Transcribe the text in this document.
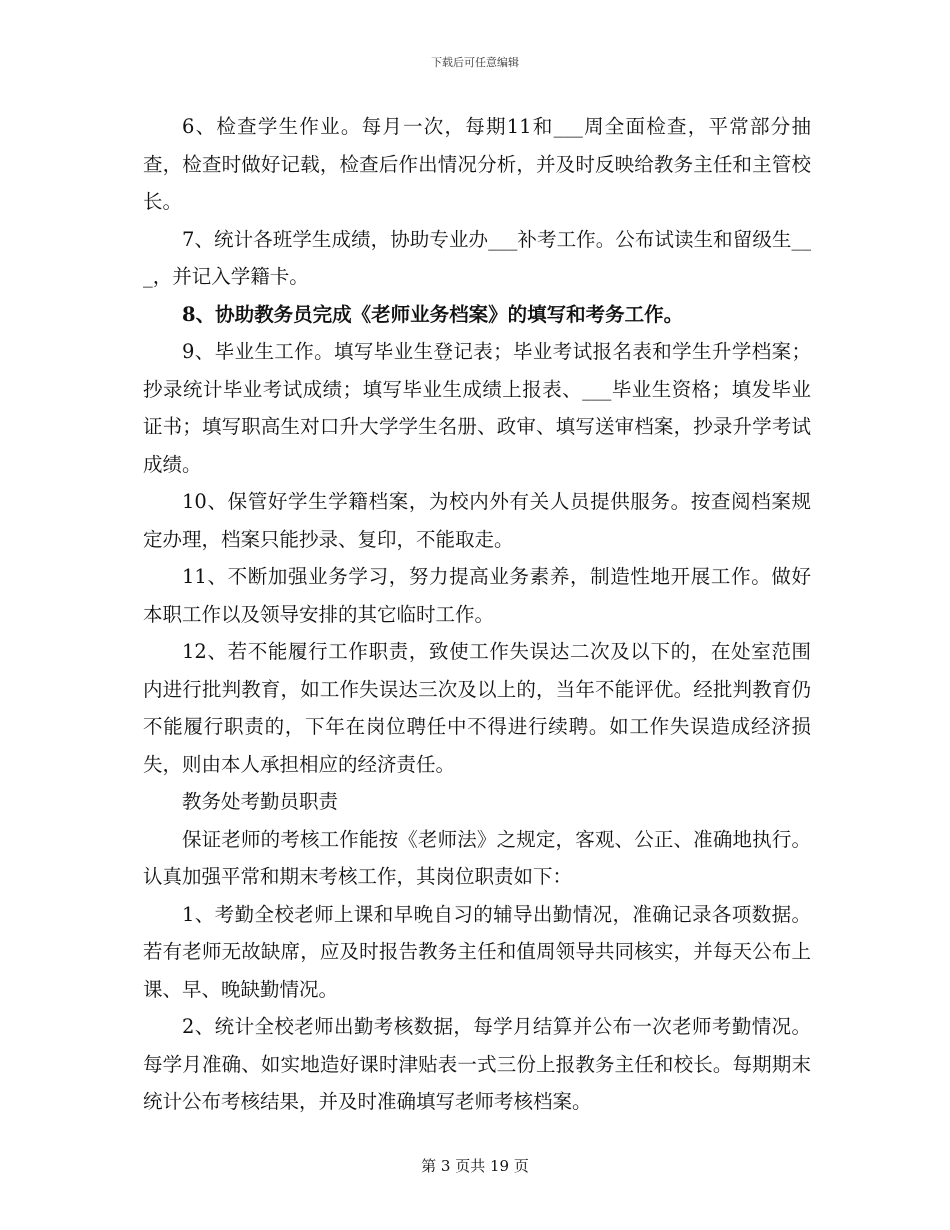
下载后可任意编辑

6、检查学生作业。每月一次，每期11和___周全面检查，平常部分抽查，检查时做好记载，检查后作出情况分析，并及时反映给教务主任和主管校长。

7、统计各班学生成绩，协助专业办___补考工作。公布试读生和留级生___，并记入学籍卡。

8、协助教务员完成《老师业务档案》的填写和考务工作。

9、毕业生工作。填写毕业生登记表；毕业考试报名表和学生升学档案；抄录统计毕业考试成绩；填写毕业生成绩上报表、___毕业生资格；填发毕业证书；填写职高生对口升大学学生名册、政审、填写送审档案，抄录升学考试成绩。

10、保管好学生学籍档案，为校内外有关人员提供服务。按查阅档案规定办理，档案只能抄录、复印，不能取走。

11、不断加强业务学习，努力提高业务素养，制造性地开展工作。做好本职工作以及领导安排的其它临时工作。

12、若不能履行工作职责，致使工作失误达二次及以下的，在处室范围内进行批判教育，如工作失误达三次及以上的，当年不能评优。经批判教育仍不能履行职责的，下年在岗位聘任中不得进行续聘。如工作失误造成经济损失，则由本人承担相应的经济责任。

教务处考勤员职责

保证老师的考核工作能按《老师法》之规定，客观、公正、准确地执行。认真加强平常和期末考核工作，其岗位职责如下：

1、考勤全校老师上课和早晚自习的辅导出勤情况，准确记录各项数据。若有老师无故缺席，应及时报告教务主任和值周领导共同核实，并每天公布上课、早、晚缺勤情况。

2、统计全校老师出勤考核数据，每学月结算并公布一次老师考勤情况。每学月准确、如实地造好课时津贴表一式三份上报教务主任和校长。每期期末统计公布考核结果，并及时准确填写老师考核档案。

第 3 页共 19 页
